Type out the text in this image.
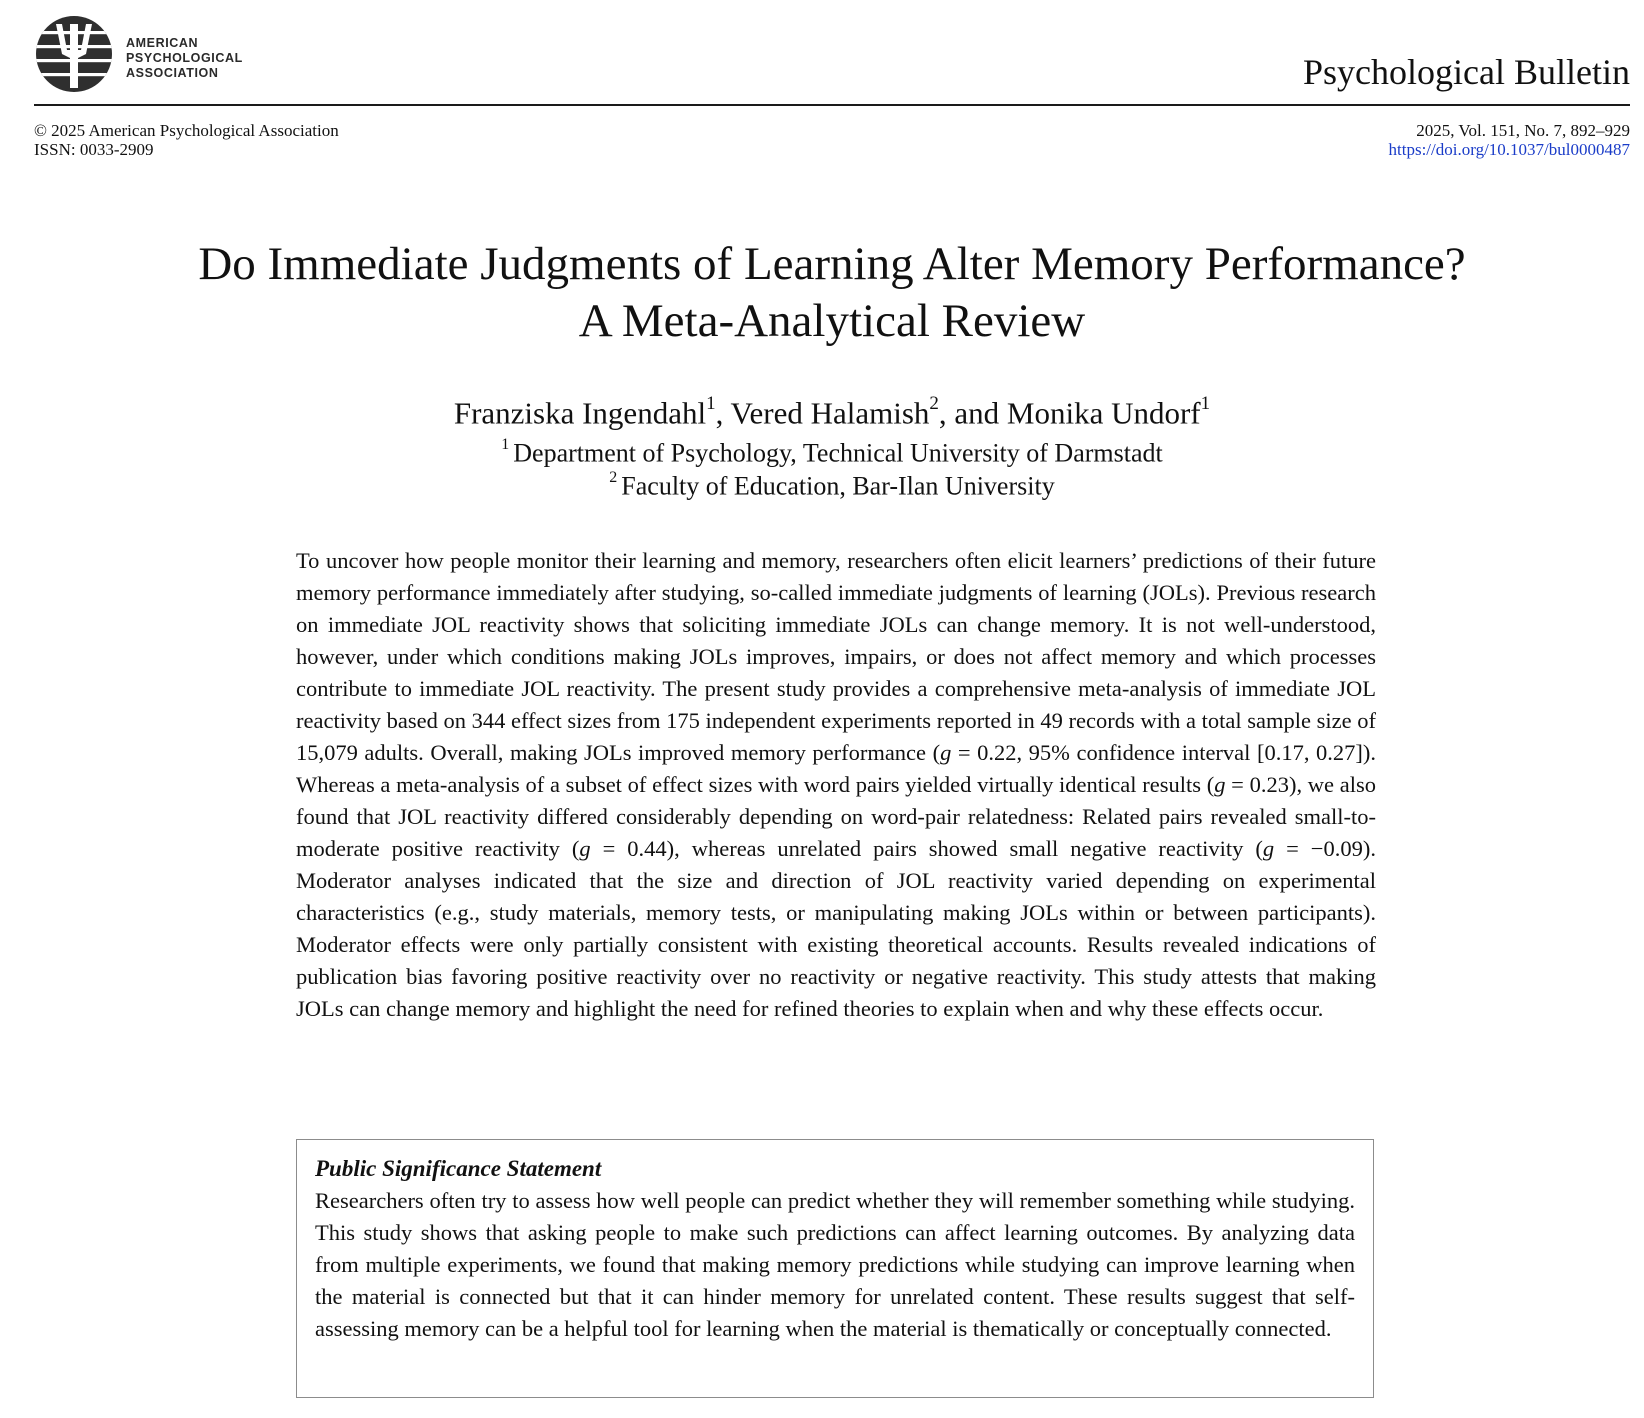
AMERICAN
PSYCHOLOGICAL
ASSOCIATION	Psychological Bulletin
© 2025 American Psychological Association
ISSN: 0033-2909
2025, Vol. 151, No. 7, 892–929
https://doi.org/10.1037/bul0000487
Do Immediate Judgments of Learning Alter Memory Performance?
A Meta-Analytical Review
Franziska Ingendahl$^1$, Vered Halamish$^2$, and Monika Undorf$^1$
$^1$ Department of Psychology, Technical University of Darmstadt
$^2$ Faculty of Education, Bar-Ilan University
To uncover how people monitor their learning and memory, researchers often elicit learners’ predictions of their future memory performance immediately after studying, so-called immediate judgments of learning (JOLs). Previous research on immediate JOL reactivity shows that soliciting immediate JOLs can change memory. It is not well-understood, however, under which conditions making JOLs improves, impairs, or does not affect memory and which processes contribute to immediate JOL reactivity. The present study provides a comprehensive meta-analysis of immediate JOL reactivity based on 344 effect sizes from 175 independent experiments reported in 49 records with a total sample size of 15,079 adults. Overall, making JOLs improved memory performance (g = 0.22, 95% confidence interval [0.17, 0.27]). Whereas a meta-analysis of a subset of effect sizes with word pairs yielded virtually identical results (g = 0.23), we also found that JOL reactivity differed considerably depending on word-pair relatedness: Related pairs revealed small-to-moderate positive reactivity (g = 0.44), whereas unrelated pairs showed small negative reactivity (g = −0.09). Moderator analyses indicated that the size and direction of JOL reactivity varied depending on experimental characteristics (e.g., study materials, memory tests, or manipulating making JOLs within or between participants). Moderator effects were only partially consistent with existing theoretical accounts. Results revealed indications of publication bias favoring positive reactivity over no reactivity or negative reactivity. This study attests that making JOLs can change memory and highlight the need for refined theories to explain when and why these effects occur.
Public Significance Statement
Researchers often try to assess how well people can predict whether they will remember something while studying. This study shows that asking people to make such predictions can affect learning outcomes. By analyzing data from multiple experiments, we found that making memory predictions while studying can improve learning when the material is connected but that it can hinder memory for unrelated content. These results suggest that self-assessing memory can be a helpful tool for learning when the material is thematically or conceptually connected.
